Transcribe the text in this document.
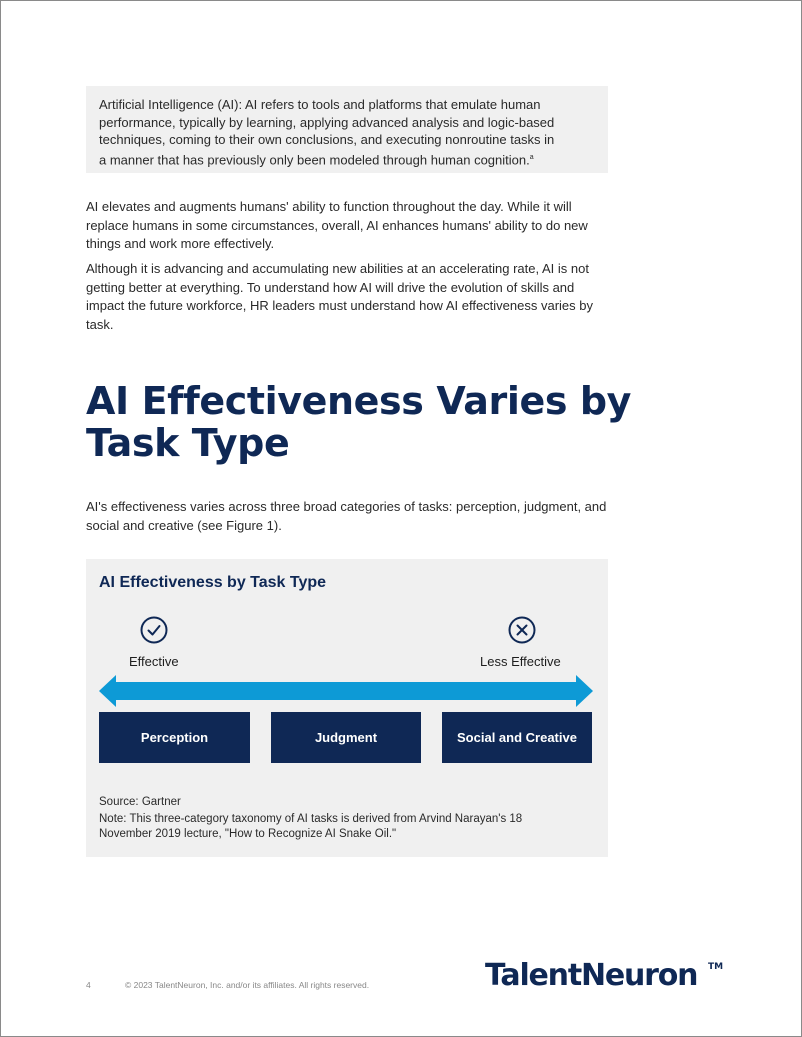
Artificial Intelligence (AI): AI refers to tools and platforms that emulate human
performance, typically by learning, applying advanced analysis and logic-based
techniques, coming to their own conclusions, and executing nonroutine tasks in
a manner that has previously only been modeled through human cognition.$^a$

AI elevates and augments humans' ability to function throughout the day. While it will replace humans in some circumstances, overall, AI enhances humans' ability to do new things and work more effectively.

Although it is advancing and accumulating new abilities at an accelerating rate, AI is not getting better at everything. To understand how AI will drive the evolution of skills and impact the future workforce, HR leaders must understand how AI effectiveness varies by task.

AI Effectiveness Varies by
Task Type

AI's effectiveness varies across three broad categories of tasks: perception, judgment, and social and creative (see Figure 1).

AI Effectiveness by Task Type
Effective	Less Effective
Perception	Judgment	Social and Creative
Source: Gartner
Note: This three-category taxonomy of AI tasks is derived from Arvind Narayan's 18 November 2019 lecture, "How to Recognize AI Snake Oil."
4	© 2023 TalentNeuron, Inc. and/or its affiliates. All rights reserved.	TalentNeuron TM
